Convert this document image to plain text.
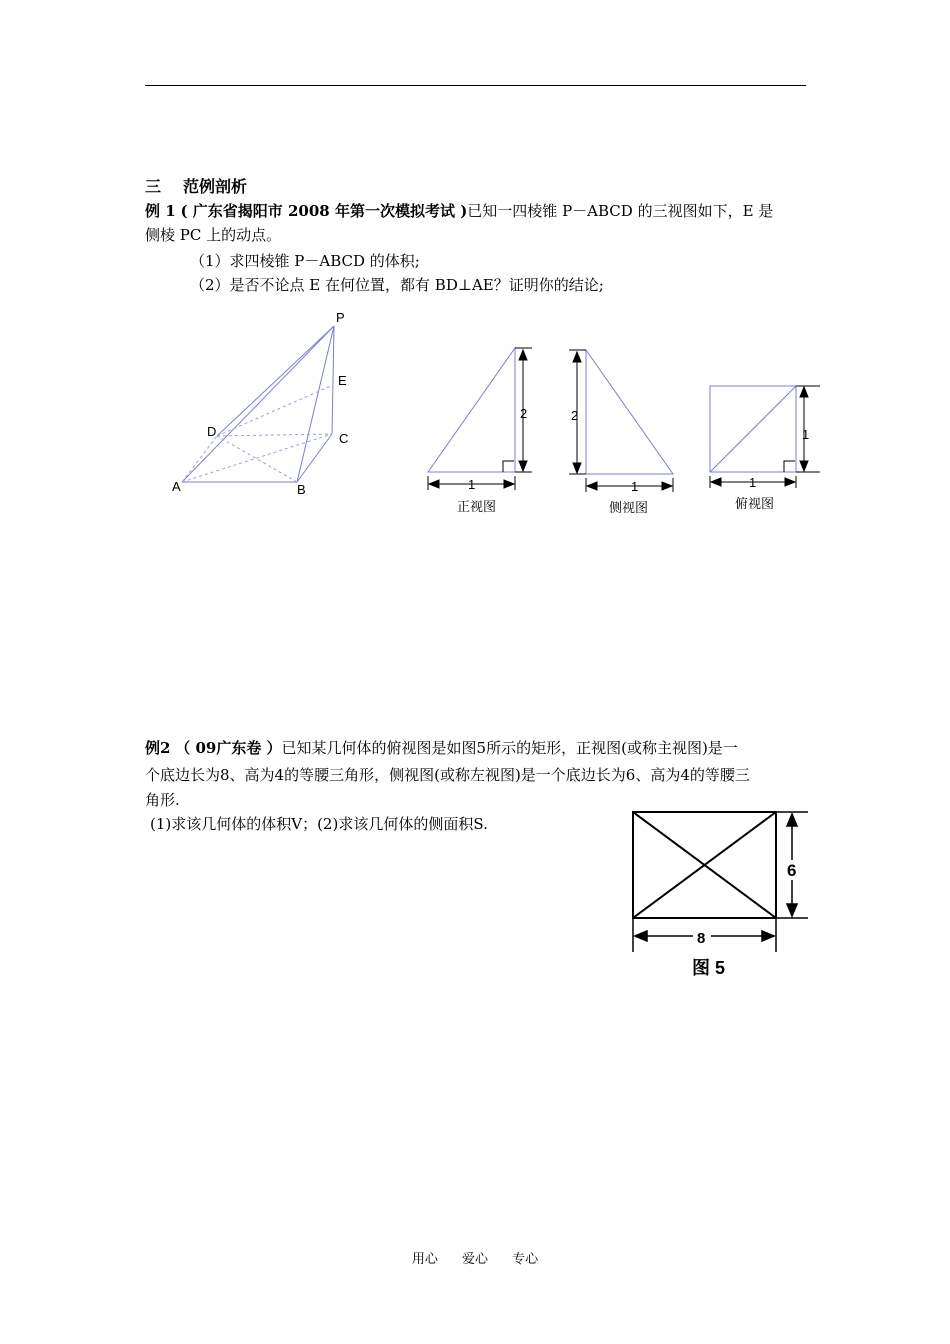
三 范例剖析
例 1 ( 广东省揭阳市 2008 年第一次模拟考试 )已知一四棱锥 P－ABCD 的三视图如下，E 是
侧棱 PC 上的动点。
（1）求四棱锥 P－ABCD 的体积;
（2）是否不论点 E 在何位置，都有 BD⊥AE？证明你的结论;
P
E
D	C
A	B
2
1
正视图
2
1
侧视图
1
1
俯视图
例2 （ 09广东卷 ）已知某几何体的俯视图是如图5所示的矩形，正视图(或称主视图)是一
个底边长为8、高为4的等腰三角形，侧视图(或称左视图)是一个底边长为6、高为4的等腰三
角形.
(1)求该几何体的体积V；(2)求该几何体的侧面积S.
6
8
图 5
用心 爱心 专心
